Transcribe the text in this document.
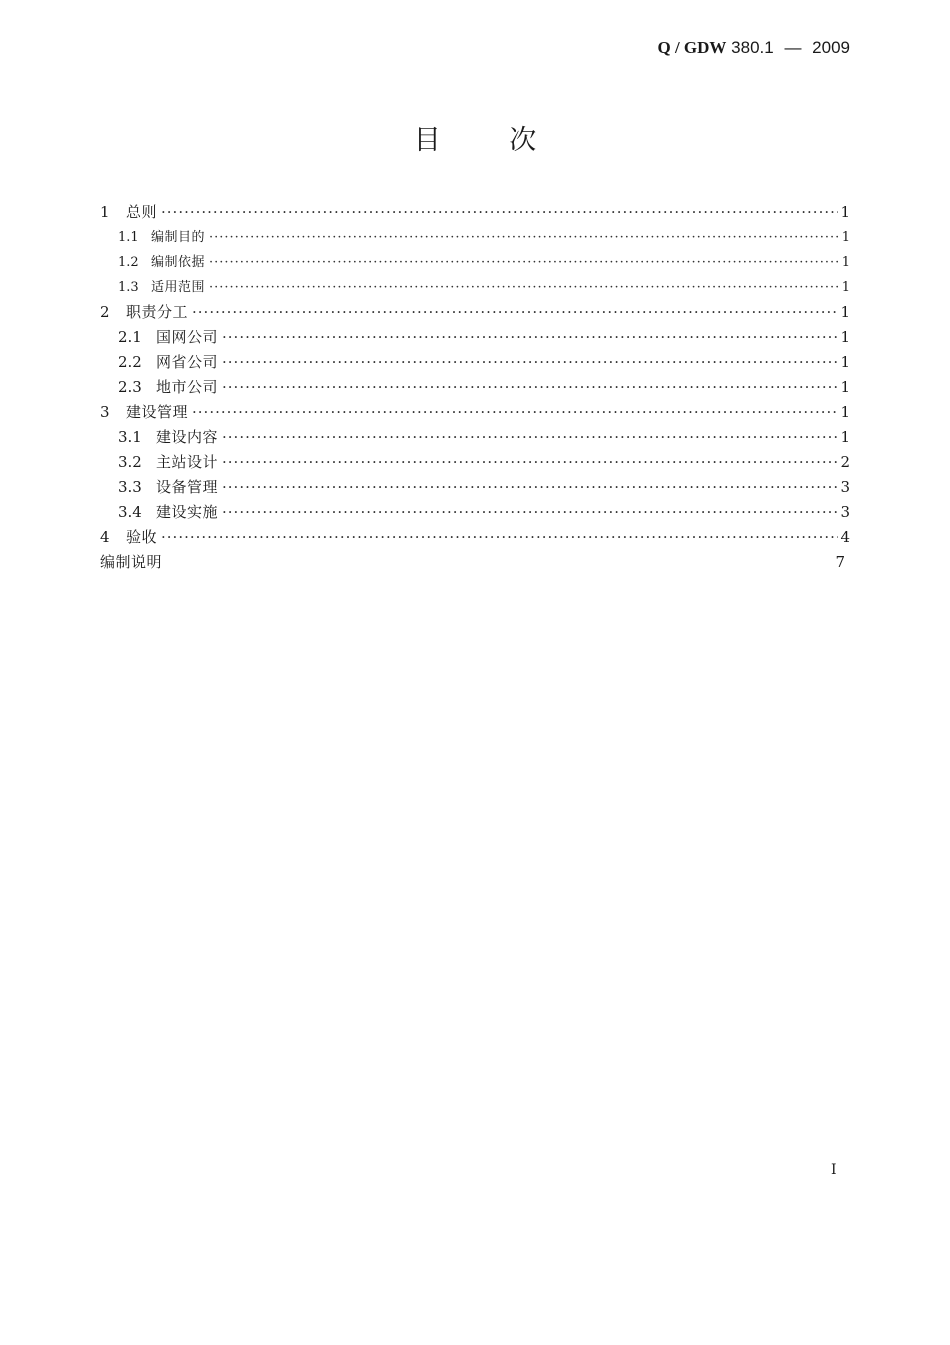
Q / GDW 380.1 — 2009
目	次
1	总则 ·····	1
1.1 编制目的 ·····	1
1.2 编制依据 ·····	1
1.3 适用范围 ·····	1
2	职责分工 ·····	1
2.1 国网公司 ·····	1
2.2 网省公司 ·····	1
2.3 地市公司 ·····	1
3	建设管理 ·····	1
3.1 建设内容 ·····	1
3.2 主站设计 ·····	2
3.3 设备管理 ·····	3
3.4 建设实施 ·····	3
4	验收 ·····	4
编制说明	7
I
